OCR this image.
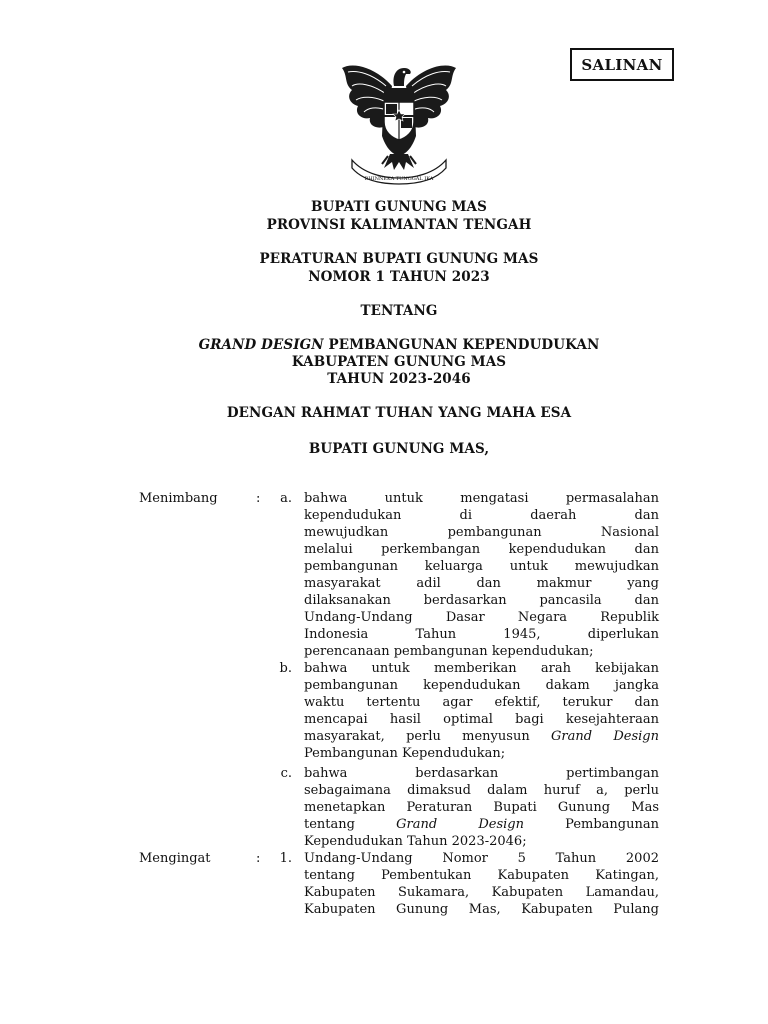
SALINAN
BHINNEKA TUNGGAL IKA
BUPATI GUNUNG MAS
PROVINSI KALIMANTAN TENGAH
PERATURAN BUPATI GUNUNG MAS
NOMOR 1 TAHUN 2023
TENTANG
GRAND DESIGN PEMBANGUNAN KEPENDUDUKAN
KABUPATEN GUNUNG MAS
TAHUN 2023-2046
DENGAN RAHMAT TUHAN YANG MAHA ESA
BUPATI GUNUNG MAS,
Menimbang	:	a. bahwa untuk mengatasi permasalahan
kependudukan di daerah dan
mewujudkan pembangunan Nasional
melalui perkembangan kependudukan dan
pembangunan keluarga untuk mewujudkan
masyarakat adil dan makmur yang
dilaksanakan berdasarkan pancasila dan
Undang-Undang Dasar Negara Republik
Indonesia Tahun 1945, diperlukan
perencanaan pembangunan kependudukan;
b. bahwa untuk memberikan arah kebijakan
pembangunan kependudukan dakam jangka
waktu tertentu agar efektif, terukur dan
mencapai hasil optimal bagi kesejahteraan
masyarakat, perlu menyusun Grand Design
Pembangunan Kependudukan;
c. bahwa berdasarkan pertimbangan
sebagaimana dimaksud dalam huruf a, perlu
menetapkan Peraturan Bupati Gunung Mas
tentang	Grand Design	Pembangunan
Kependudukan Tahun 2023-2046;
Mengingat	:	1. Undang-Undang Nomor 5 Tahun 2002
tentang Pembentukan Kabupaten Katingan,
Kabupaten Sukamara, Kabupaten Lamandau,
Kabupaten Gunung Mas, Kabupaten Pulang
